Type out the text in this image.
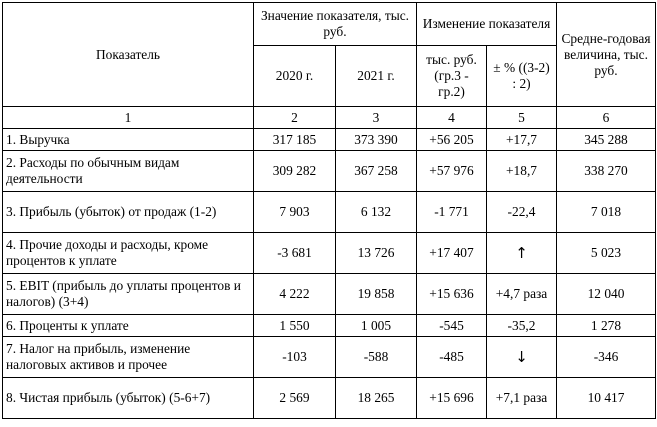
Показатель	Значение показателя, тыс. руб.		Изменение показателя		Средне-годовая величина, тыс. руб.
	2020 г.	2021 г.	тыс. руб. (гр.3 - гр.2)	± % ((3-2) : 2)	
1	2	3	4	5	6
1. Выручка	317 185	373 390	+56 205	+17,7	345 288
2. Расходы по обычным видам деятельности	309 282	367 258	+57 976	+18,7	338 270
3. Прибыль (убыток) от продаж (1-2)	7 903	6 132	-1 771	-22,4	7 018
4. Прочие доходы и расходы, кроме процентов к уплате	-3 681	13 726	+17 407	↑	5 023
5. EBIT (прибыль до уплаты процентов и налогов) (3+4)	4 222	19 858	+15 636	+4,7 раза	12 040
6. Проценты к уплате	1 550	1 005	-545	-35,2	1 278
7. Налог на прибыль, изменение налоговых активов и прочее	-103	-588	-485	↓	-346
8. Чистая прибыль (убыток) (5-6+7)	2 569	18 265	+15 696	+7,1 раза	10 417
